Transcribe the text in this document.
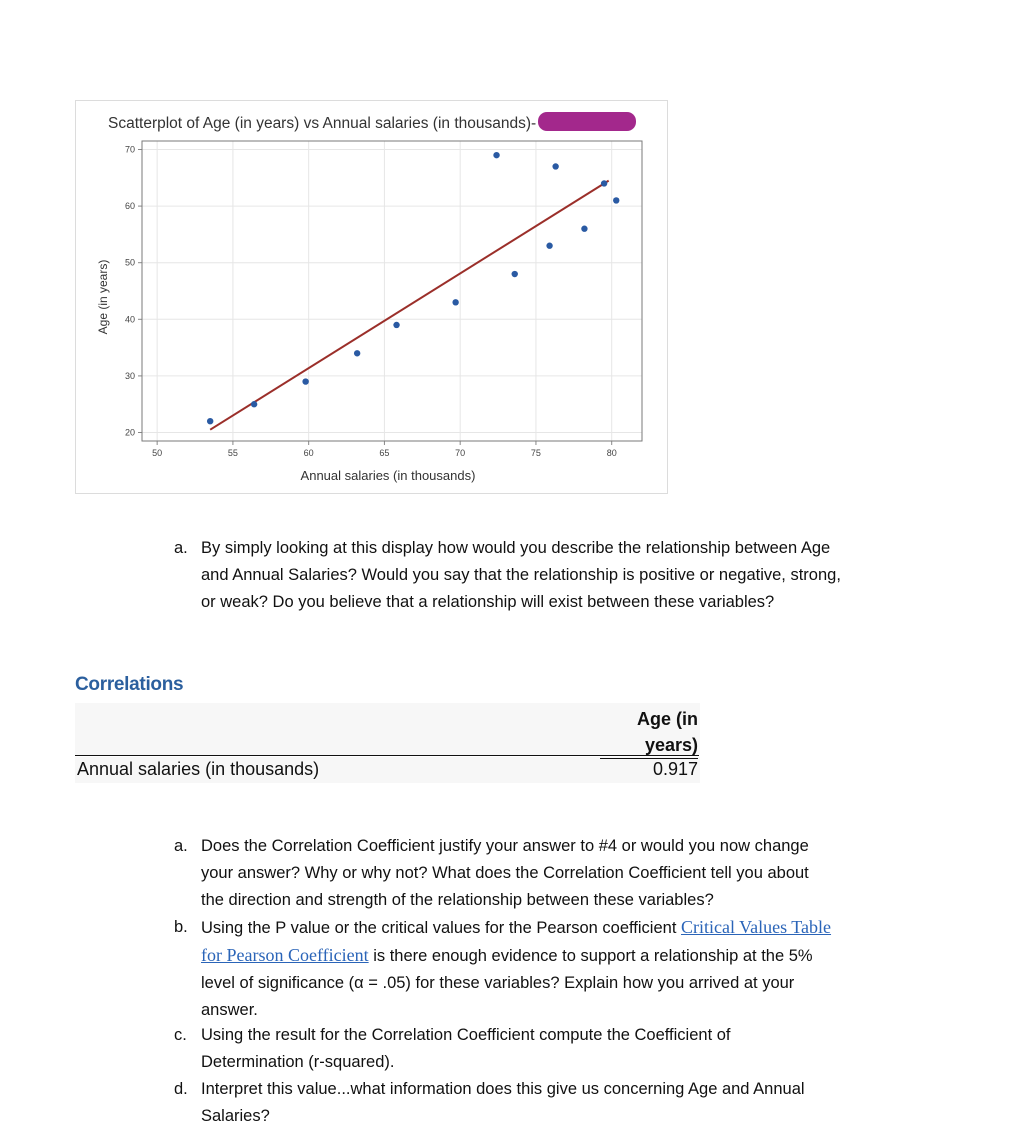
Scatterplot of Age (in years) vs Annual salaries (in thousands)-
50	55	60	65	70	75	80
20
30
40
50
60
70
Annual salaries (in thousands)
Age (in years)
a. By simply looking at this display how would you describe the relationship between Age
and Annual Salaries? Would you say that the relationship is positive or negative, strong,
or weak? Do you believe that a relationship will exist between these variables?
Correlations
Age (in
years)
Annual salaries (in thousands)	0.917
a. Does the Correlation Coefficient justify your answer to #4 or would you now change
your answer? Why or why not? What does the Correlation Coefficient tell you about
the direction and strength of the relationship between these variables?
b. Using the P value or the critical values for the Pearson coefficient Critical Values Table
for Pearson Coefficient is there enough evidence to support a relationship at the 5%
level of significance (α = .05) for these variables? Explain how you arrived at your
answer.
c. Using the result for the Correlation Coefficient compute the Coefficient of
Determination (r-squared).
d. Interpret this value...what information does this give us concerning Age and Annual
Salaries?
